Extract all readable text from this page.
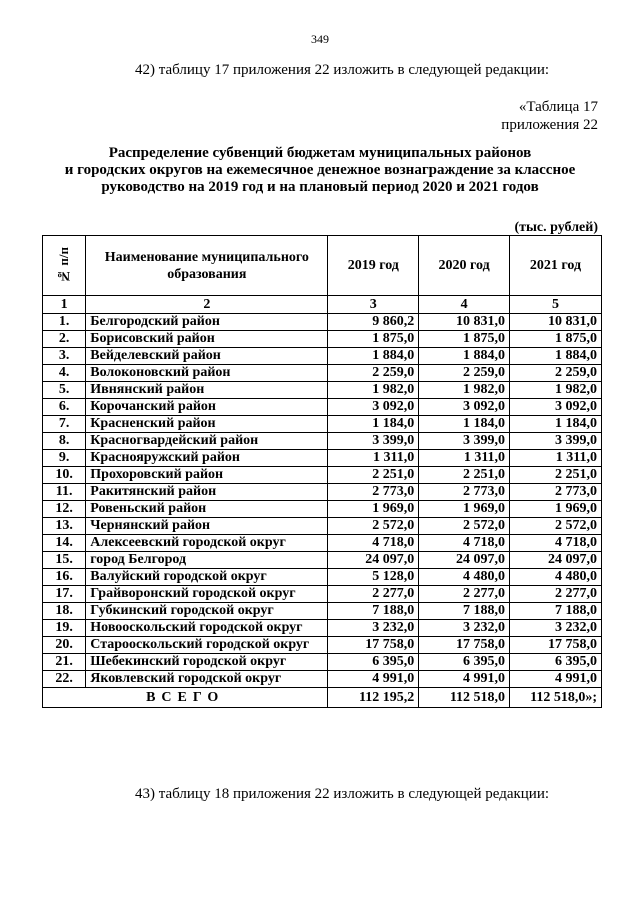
349
42) таблицу 17 приложения 22 изложить в следующей редакции:
«Таблица 17
приложения 22
Распределение субвенций бюджетам муниципальных районов
и городских округов на ежемесячное денежное вознаграждение за классное
руководство на 2019 год и на плановый период 2020 и 2021 годов
(тыс. рублей)
№ п/п	Наименование муниципального образования	2019 год	2020 год	2021 год
1	2	3	4	5
1.	Белгородский район	9 860,2	10 831,0	10 831,0
2.	Борисовский район	1 875,0	1 875,0	1 875,0
3.	Вейделевский район	1 884,0	1 884,0	1 884,0
4.	Волоконовский район	2 259,0	2 259,0	2 259,0
5.	Ивнянский район	1 982,0	1 982,0	1 982,0
6.	Корочанский район	3 092,0	3 092,0	3 092,0
7.	Красненский район	1 184,0	1 184,0	1 184,0
8.	Красногвардейский район	3 399,0	3 399,0	3 399,0
9.	Краснояружский район	1 311,0	1 311,0	1 311,0
10.	Прохоровский район	2 251,0	2 251,0	2 251,0
11.	Ракитянский район	2 773,0	2 773,0	2 773,0
12.	Ровеньский район	1 969,0	1 969,0	1 969,0
13.	Чернянский район	2 572,0	2 572,0	2 572,0
14.	Алексеевский городской округ	4 718,0	4 718,0	4 718,0
15.	город Белгород	24 097,0	24 097,0	24 097,0
16.	Валуйский городской округ	5 128,0	4 480,0	4 480,0
17.	Грайворонский городской округ	2 277,0	2 277,0	2 277,0
18.	Губкинский городской округ	7 188,0	7 188,0	7 188,0
19.	Новооскольский городской округ	3 232,0	3 232,0	3 232,0
20.	Старооскольский городской округ	17 758,0	17 758,0	17 758,0
21.	Шебекинский городской округ	6 395,0	6 395,0	6 395,0
22.	Яковлевский городской округ	4 991,0	4 991,0	4 991,0
ВСЕГО		112 195,2	112 518,0	112 518,0»;
43) таблицу 18 приложения 22 изложить в следующей редакции:
